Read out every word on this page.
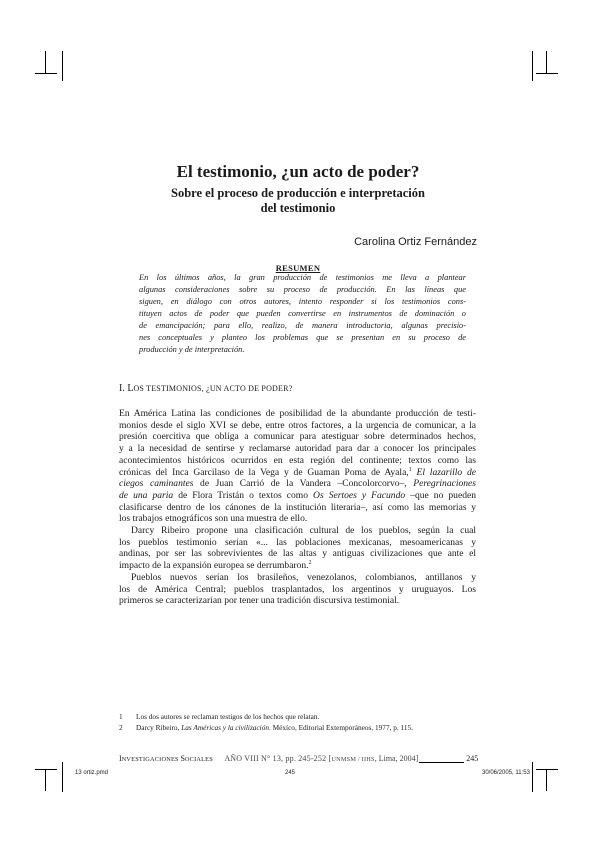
El testimonio, ¿un acto de poder?
Sobre el proceso de producción e interpretación
del testimonio
Carolina Ortiz Fernández
RESUMEN
En los últimos años, la gran producción de testimonios me lleva a plantear
algunas consideraciones sobre su proceso de producción. En las líneas que
siguen, en diálogo con otros autores, intento responder si los testimonios cons-
tituyen actos de poder que pueden convertirse en instrumentos de dominación o
de emancipación; para ello, realizo, de manera introductoria, algunas precisio-
nes conceptuales y planteo los problemas que se presentan en su proceso de
producción y de interpretación.
I. LOS TESTIMONIOS, ¿UN ACTO DE PODER?
En América Latina las condiciones de posibilidad de la abundante producción de testi-
monios desde el siglo XVI se debe, entre otros factores, a la urgencia de comunicar, a la
presión coercitiva que obliga a comunicar para atestiguar sobre determinados hechos,
y a la necesidad de sentirse y reclamarse autoridad para dar a conocer los principales
acontecimientos históricos ocurridos en esta región del continente; textos como las
crónicas del Inca Garcilaso de la Vega y de Guaman Poma de Ayala,$^1$ El lazarillo de
ciegos caminantes de Juan Carrió de la Vandera –Concolorcorvo–, Peregrinaciones
de una paria de Flora Tristán o textos como Os Sertoes y Facundo –que no pueden
clasificarse dentro de los cánones de la institución literaria–, así como las memorias y
los trabajos etnográficos son una muestra de ello.
Darcy Ribeiro propone una clasificación cultural de los pueblos, según la cual
los pueblos testimonio serían «... las poblaciones mexicanas, mesoamericanas y
andinas, por ser las sobrevivientes de las altas y antiguas civilizaciones que ante el
impacto de la expansión europea se derrumbaron.$^2$
Pueblos nuevos serían los brasileños, venezolanos, colombianos, antillanos y
los de América Central; pueblos trasplantados, los argentinos y uruguayos. Los
primeros se caracterizarían por tener una tradición discursiva testimonial.
1 Los dos autores se reclaman testigos de los hechos que relatan.
2 Darcy Ribeiro, Las Américas y la civilización. Méxíco, Editorial Extemporáneos, 1977, p. 115.
INVESTIGACIONES SOCIALES AÑO VIII N° 13, pp. 245-252 [UNMSM / IIHS, Lima, 2004]	245
13 ortiz.pmd	245	30/06/2005, 11:53
